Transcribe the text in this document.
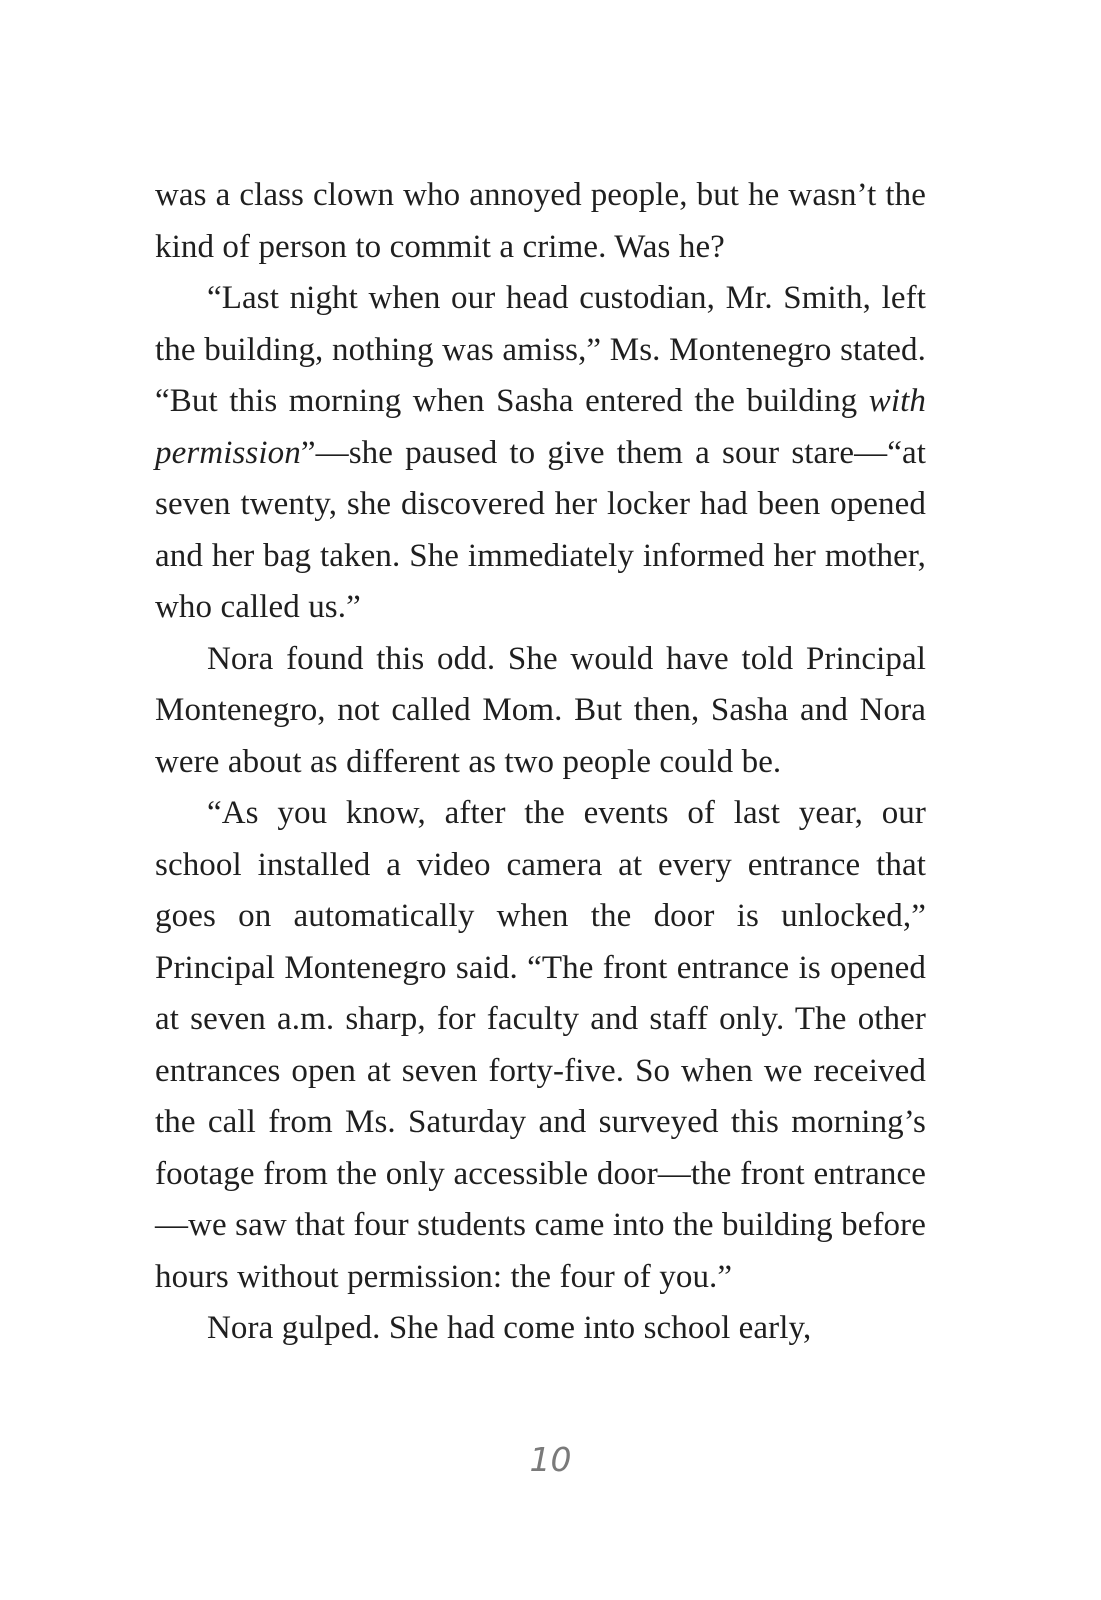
was a class clown who annoyed people, but he wasn’t the kind of person to commit a crime. Was he?

“Last night when our head custodian, Mr. Smith, left the building, nothing was amiss,” Ms. Montenegro stated. “But this morning when Sasha entered the building with permission”—she paused to give them a sour stare—“at seven twenty, she discovered her locker had been opened and her bag taken. She immediately informed her mother, who called us.”

Nora found this odd. She would have told Principal Montenegro, not called Mom. But then, Sasha and Nora were about as different as two people could be.

“As you know, after the events of last year, our school installed a video camera at every entrance that goes on automatically when the door is unlocked,” Principal Montenegro said. “The front entrance is opened at seven a.m. sharp, for faculty and staff only. The other entrances open at seven forty-five. So when we received the call from Ms. Saturday and surveyed this morning’s footage from the only accessible door—the front entrance—we saw that four students came into the building before hours without permission: the four of you.”

Nora gulped. She had come into school early,

10
